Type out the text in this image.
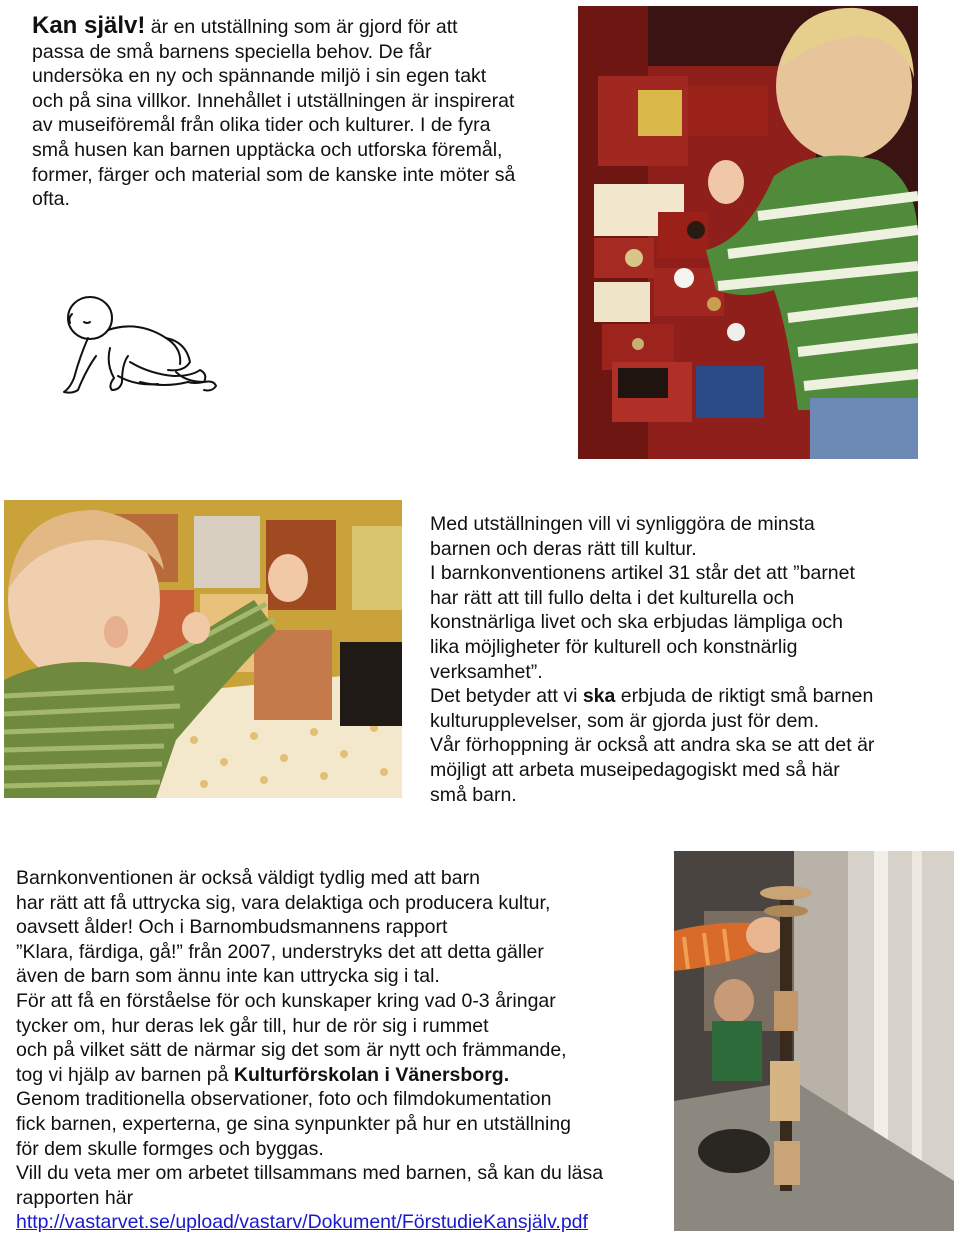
Kan själv! är en utställning som är gjord för att
passa de små barnens speciella behov. De får
undersöka en ny och spännande miljö i sin egen takt
och på sina villkor. Innehållet i utställningen är inspirerat
av museiföremål från olika tider och kulturer. I de fyra
små husen kan barnen upptäcka och utforska föremål,
former, färger och material som de kanske inte möter så
ofta.
Med utställningen vill vi synliggöra de minsta
barnen och deras rätt till kultur.
I barnkonventionens artikel 31 står det att ”barnet
har rätt att till fullo delta i det kulturella och
konstnärliga livet och ska erbjudas lämpliga och
lika möjligheter för kulturell och konstnärlig
verksamhet”.
Det betyder att vi ska erbjuda de riktigt små barnen
kulturupplevelser, som är gjorda just för dem.
Vår förhoppning är också att andra ska se att det är
möjligt att arbeta museipedagogiskt med så här
små barn.
Barnkonventionen är också väldigt tydlig med att barn
har rätt att få uttrycka sig, vara delaktiga och producera kultur,
oavsett ålder! Och i Barnombudsmannens rapport
”Klara, färdiga, gå!” från 2007, understryks det att detta gäller
även de barn som ännu inte kan uttrycka sig i tal.
För att få en förståelse för och kunskaper kring vad 0-3 åringar
tycker om, hur deras lek går till, hur de rör sig i rummet
och på vilket sätt de närmar sig det som är nytt och främmande,
tog vi hjälp av barnen på Kulturförskolan i Vänersborg.
Genom traditionella observationer, foto och filmdokumentation
fick barnen, experterna, ge sina synpunkter på hur en utställning
för dem skulle formges och byggas.
Vill du veta mer om arbetet tillsammans med barnen, så kan du läsa
rapporten här
http://vastarvet.se/upload/vastarv/Dokument/FörstudieKansjälv.pdf
